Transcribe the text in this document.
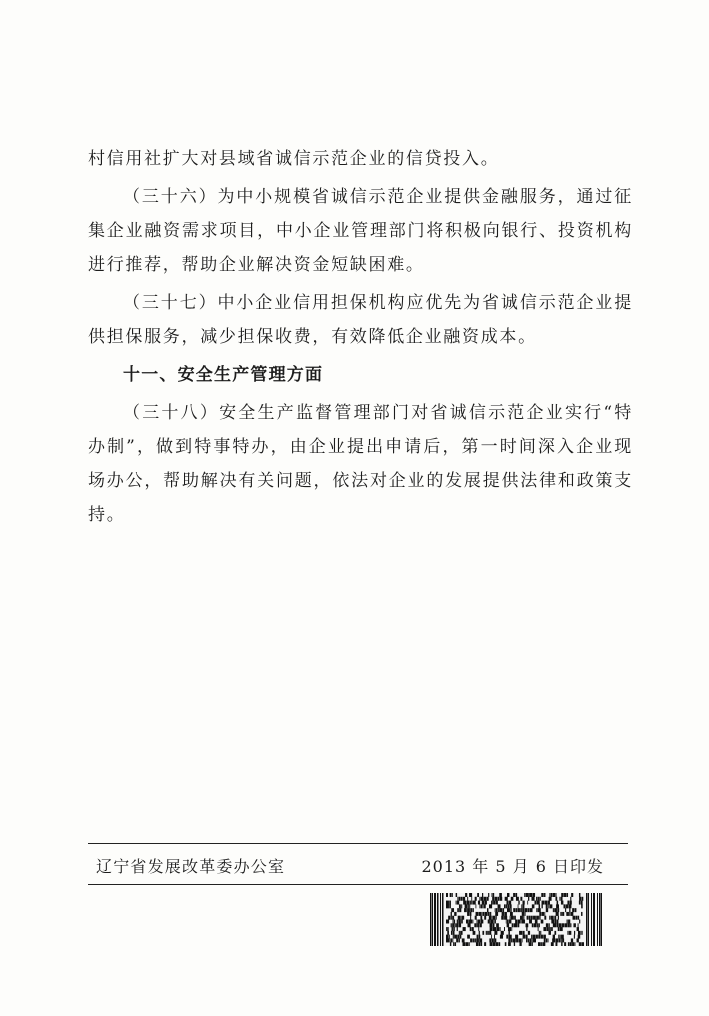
村信用社扩大对县域省诚信示范企业的信贷投入。

（三十六）为中小规模省诚信示范企业提供金融服务，通过征集企业融资需求项目，中小企业管理部门将积极向银行、投资机构进行推荐，帮助企业解决资金短缺困难。

（三十七）中小企业信用担保机构应优先为省诚信示范企业提供担保服务，减少担保收费，有效降低企业融资成本。

十一、安全生产管理方面

（三十八）安全生产监督管理部门对省诚信示范企业实行“特办制”，做到特事特办，由企业提出申请后，第一时间深入企业现场办公，帮助解决有关问题，依法对企业的发展提供法律和政策支持。

辽宁省发展改革委办公室	2013 年 5 月 6 日印发
